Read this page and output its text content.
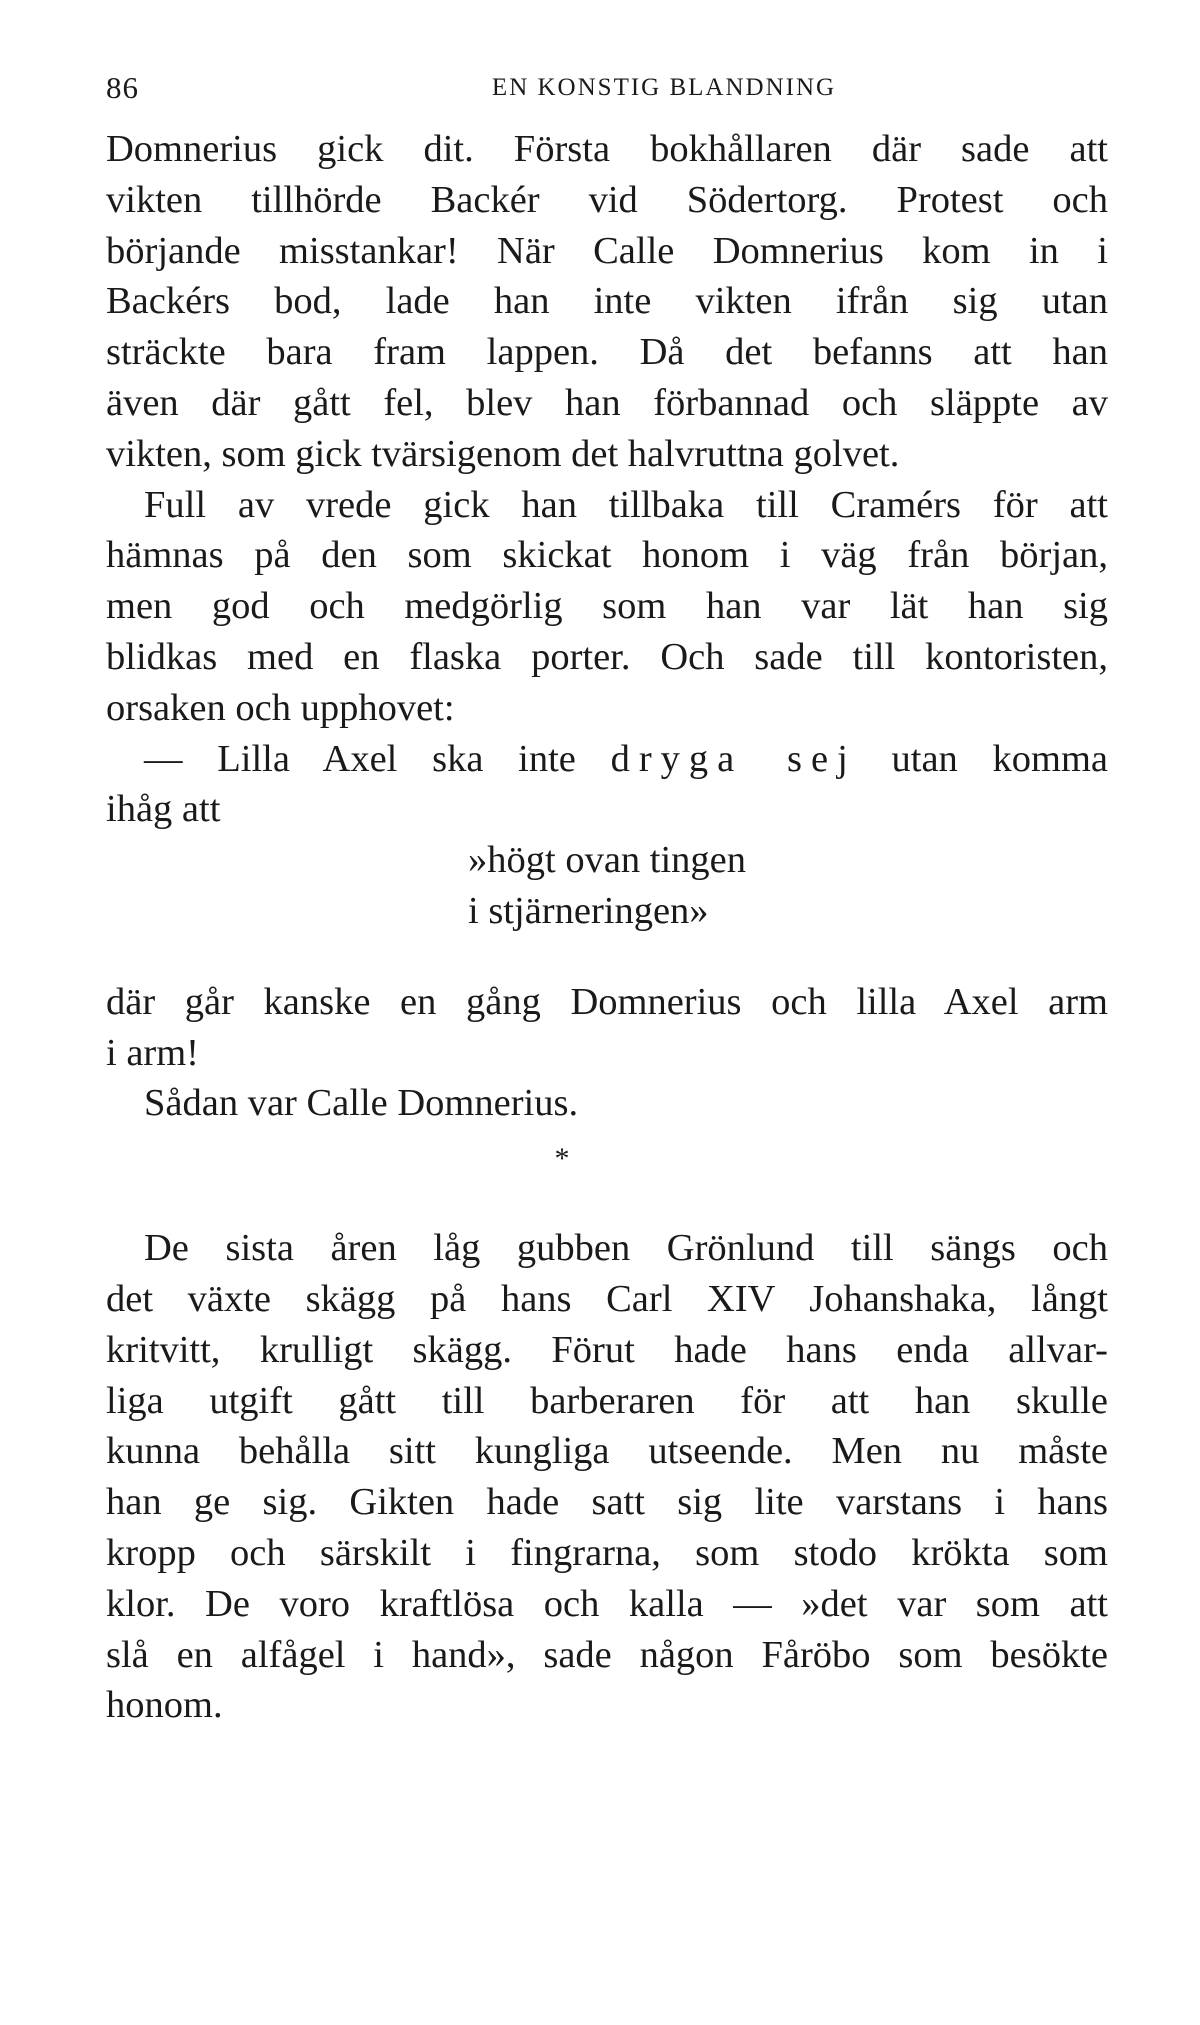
86	EN KONSTIG BLANDNING
Domnerius gick dit. Första bokhållaren där sade att
vikten tillhörde Backér vid Södertorg. Protest och
börjande misstankar! När Calle Domnerius kom in i
Backérs bod, lade han inte vikten ifrån sig utan
sträckte bara fram lappen. Då det befanns att han
även där gått fel, blev han förbannad och släppte av
vikten, som gick tvärsigenom det halvruttna golvet.
Full av vrede gick han tillbaka till Cramérs för att
hämnas på den som skickat honom i väg från början,
men god och medgörlig som han var lät han sig
blidkas med en flaska porter. Och sade till kontoristen,
orsaken och upphovet:
— Lilla Axel ska inte dryga sej utan komma
ihåg att
»högt ovan tingen
i stjärneringen»
där går kanske en gång Domnerius och lilla Axel arm
i arm!
Sådan var Calle Domnerius.
*
De sista åren låg gubben Grönlund till sängs och
det växte skägg på hans Carl XIV Johanshaka, långt
kritvitt, krulligt skägg. Förut hade hans enda allvar-
liga utgift gått till barberaren för att han skulle
kunna behålla sitt kungliga utseende. Men nu måste
han ge sig. Gikten hade satt sig lite varstans i hans
kropp och särskilt i fingrarna, som stodo krökta som
klor. De voro kraftlösa och kalla — »det var som att
slå en alfågel i hand», sade någon Fåröbo som besökte
honom.
